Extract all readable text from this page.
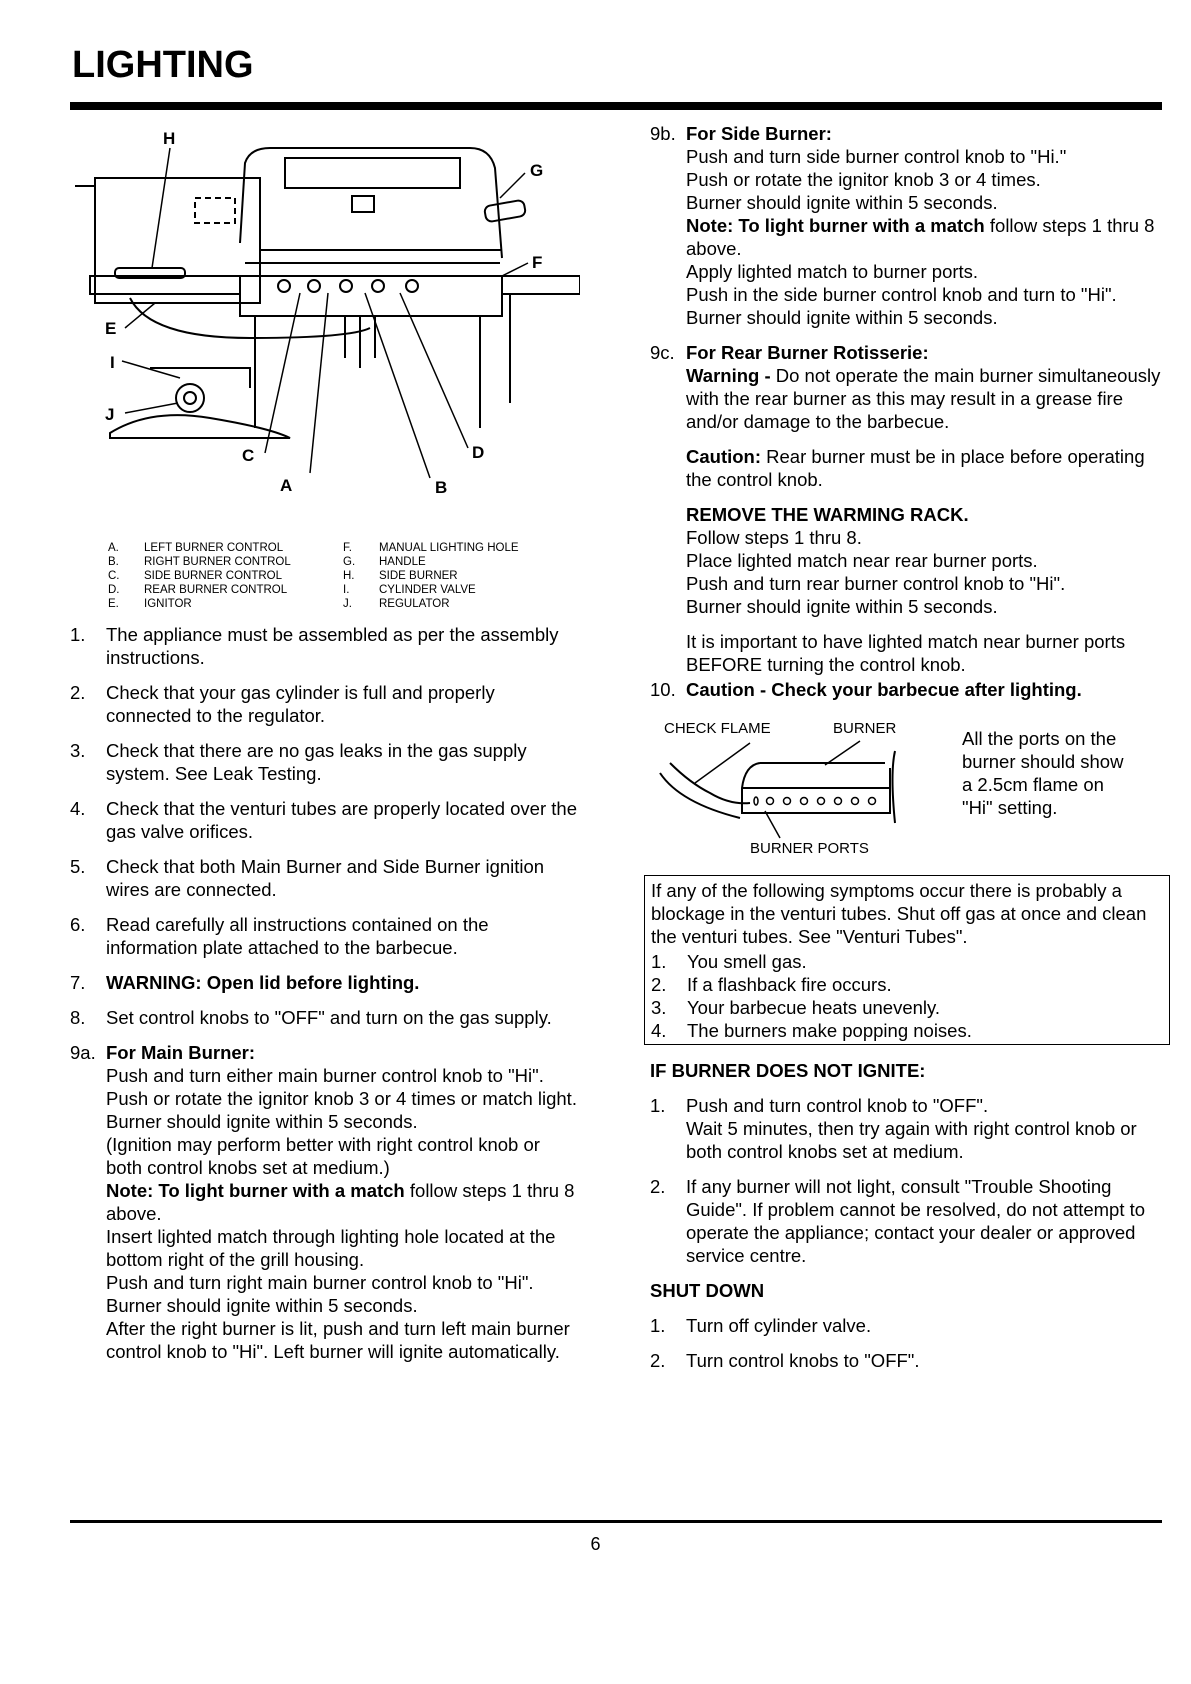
LIGHTING
H
G
F
E
I
J
C
A	B
D
A.	LEFT BURNER CONTROL
B.	RIGHT BURNER CONTROL
C.	SIDE BURNER CONTROL
D.	REAR BURNER CONTROL
E.	IGNITOR
F.	MANUAL LIGHTING HOLE
G.	HANDLE
H.	SIDE BURNER
I.	CYLINDER VALVE
J.	REGULATOR
1.	The appliance must be assembled as per the assembly instructions.
2.	Check that your gas cylinder is full and properly connected to the regulator.
3.	Check that there are no gas leaks in the gas supply system. See Leak Testing.
4.	Check that the venturi tubes are properly located over the gas valve orifices.
5.	Check that both Main Burner and Side Burner ignition wires are connected.
6.	Read carefully all instructions contained on the information plate attached to the barbecue.
7.	WARNING: Open lid before lighting.
8.	Set control knobs to "OFF" and turn on the gas supply.
9a. For Main Burner:

Push and turn either main burner control knob to "Hi".

Push or rotate the ignitor knob 3 or 4 times or match light.

Burner should ignite within 5 seconds.

(Ignition may perform better with right control knob or both control knobs set at medium.)

Note: To light burner with a match follow steps 1 thru 8 above.

Insert lighted match through lighting hole located at the bottom right of the grill housing.

Push and turn right main burner control knob to "Hi".

Burner should ignite within 5 seconds.

After the right burner is lit, push and turn left main burner control knob to "Hi". Left burner will ignite automatically.

9b. For Side Burner:

Push and turn side burner control knob to "Hi."

Push or rotate the ignitor knob 3 or 4 times.

Burner should ignite within 5 seconds.

Note: To light burner with a match follow steps 1 thru 8 above.

Apply lighted match to burner ports.

Push in the side burner control knob and turn to "Hi".

Burner should ignite within 5 seconds.

9c. For Rear Burner Rotisserie:

Warning - Do not operate the main burner simultaneously with the rear burner as this may result in a grease fire and/or damage to the barbecue.

Caution: Rear burner must be in place before operating the control knob.

REMOVE THE WARMING RACK.

Follow steps 1 thru 8.

Place lighted match near rear burner ports.

Push and turn rear burner control knob to "Hi".

Burner should ignite within 5 seconds.

It is important to have lighted match near burner ports BEFORE turning the control knob.

10. Caution - Check your barbecue after lighting.
CHECK FLAME	BURNER
BURNER PORTS
All the ports on the burner should show a 2.5cm flame on "Hi" setting.

If any of the following symptoms occur there is probably a blockage in the venturi tubes. Shut off gas at once and clean the venturi tubes. See "Venturi Tubes".

1.	You smell gas.
2.	If a flashback fire occurs.
3.	Your barbecue heats unevenly.
4.	The burners make popping noises.
IF BURNER DOES NOT IGNITE:
1.	Push and turn control knob to "OFF".

Wait 5 minutes, then try again with right control knob or both control knobs set at medium.

2.	If any burner will not light, consult "Trouble Shooting Guide". If problem cannot be resolved, do not attempt to operate the appliance; contact your dealer or approved service centre.

SHUT DOWN
1.	Turn off cylinder valve.
2.	Turn control knobs to "OFF".
6
